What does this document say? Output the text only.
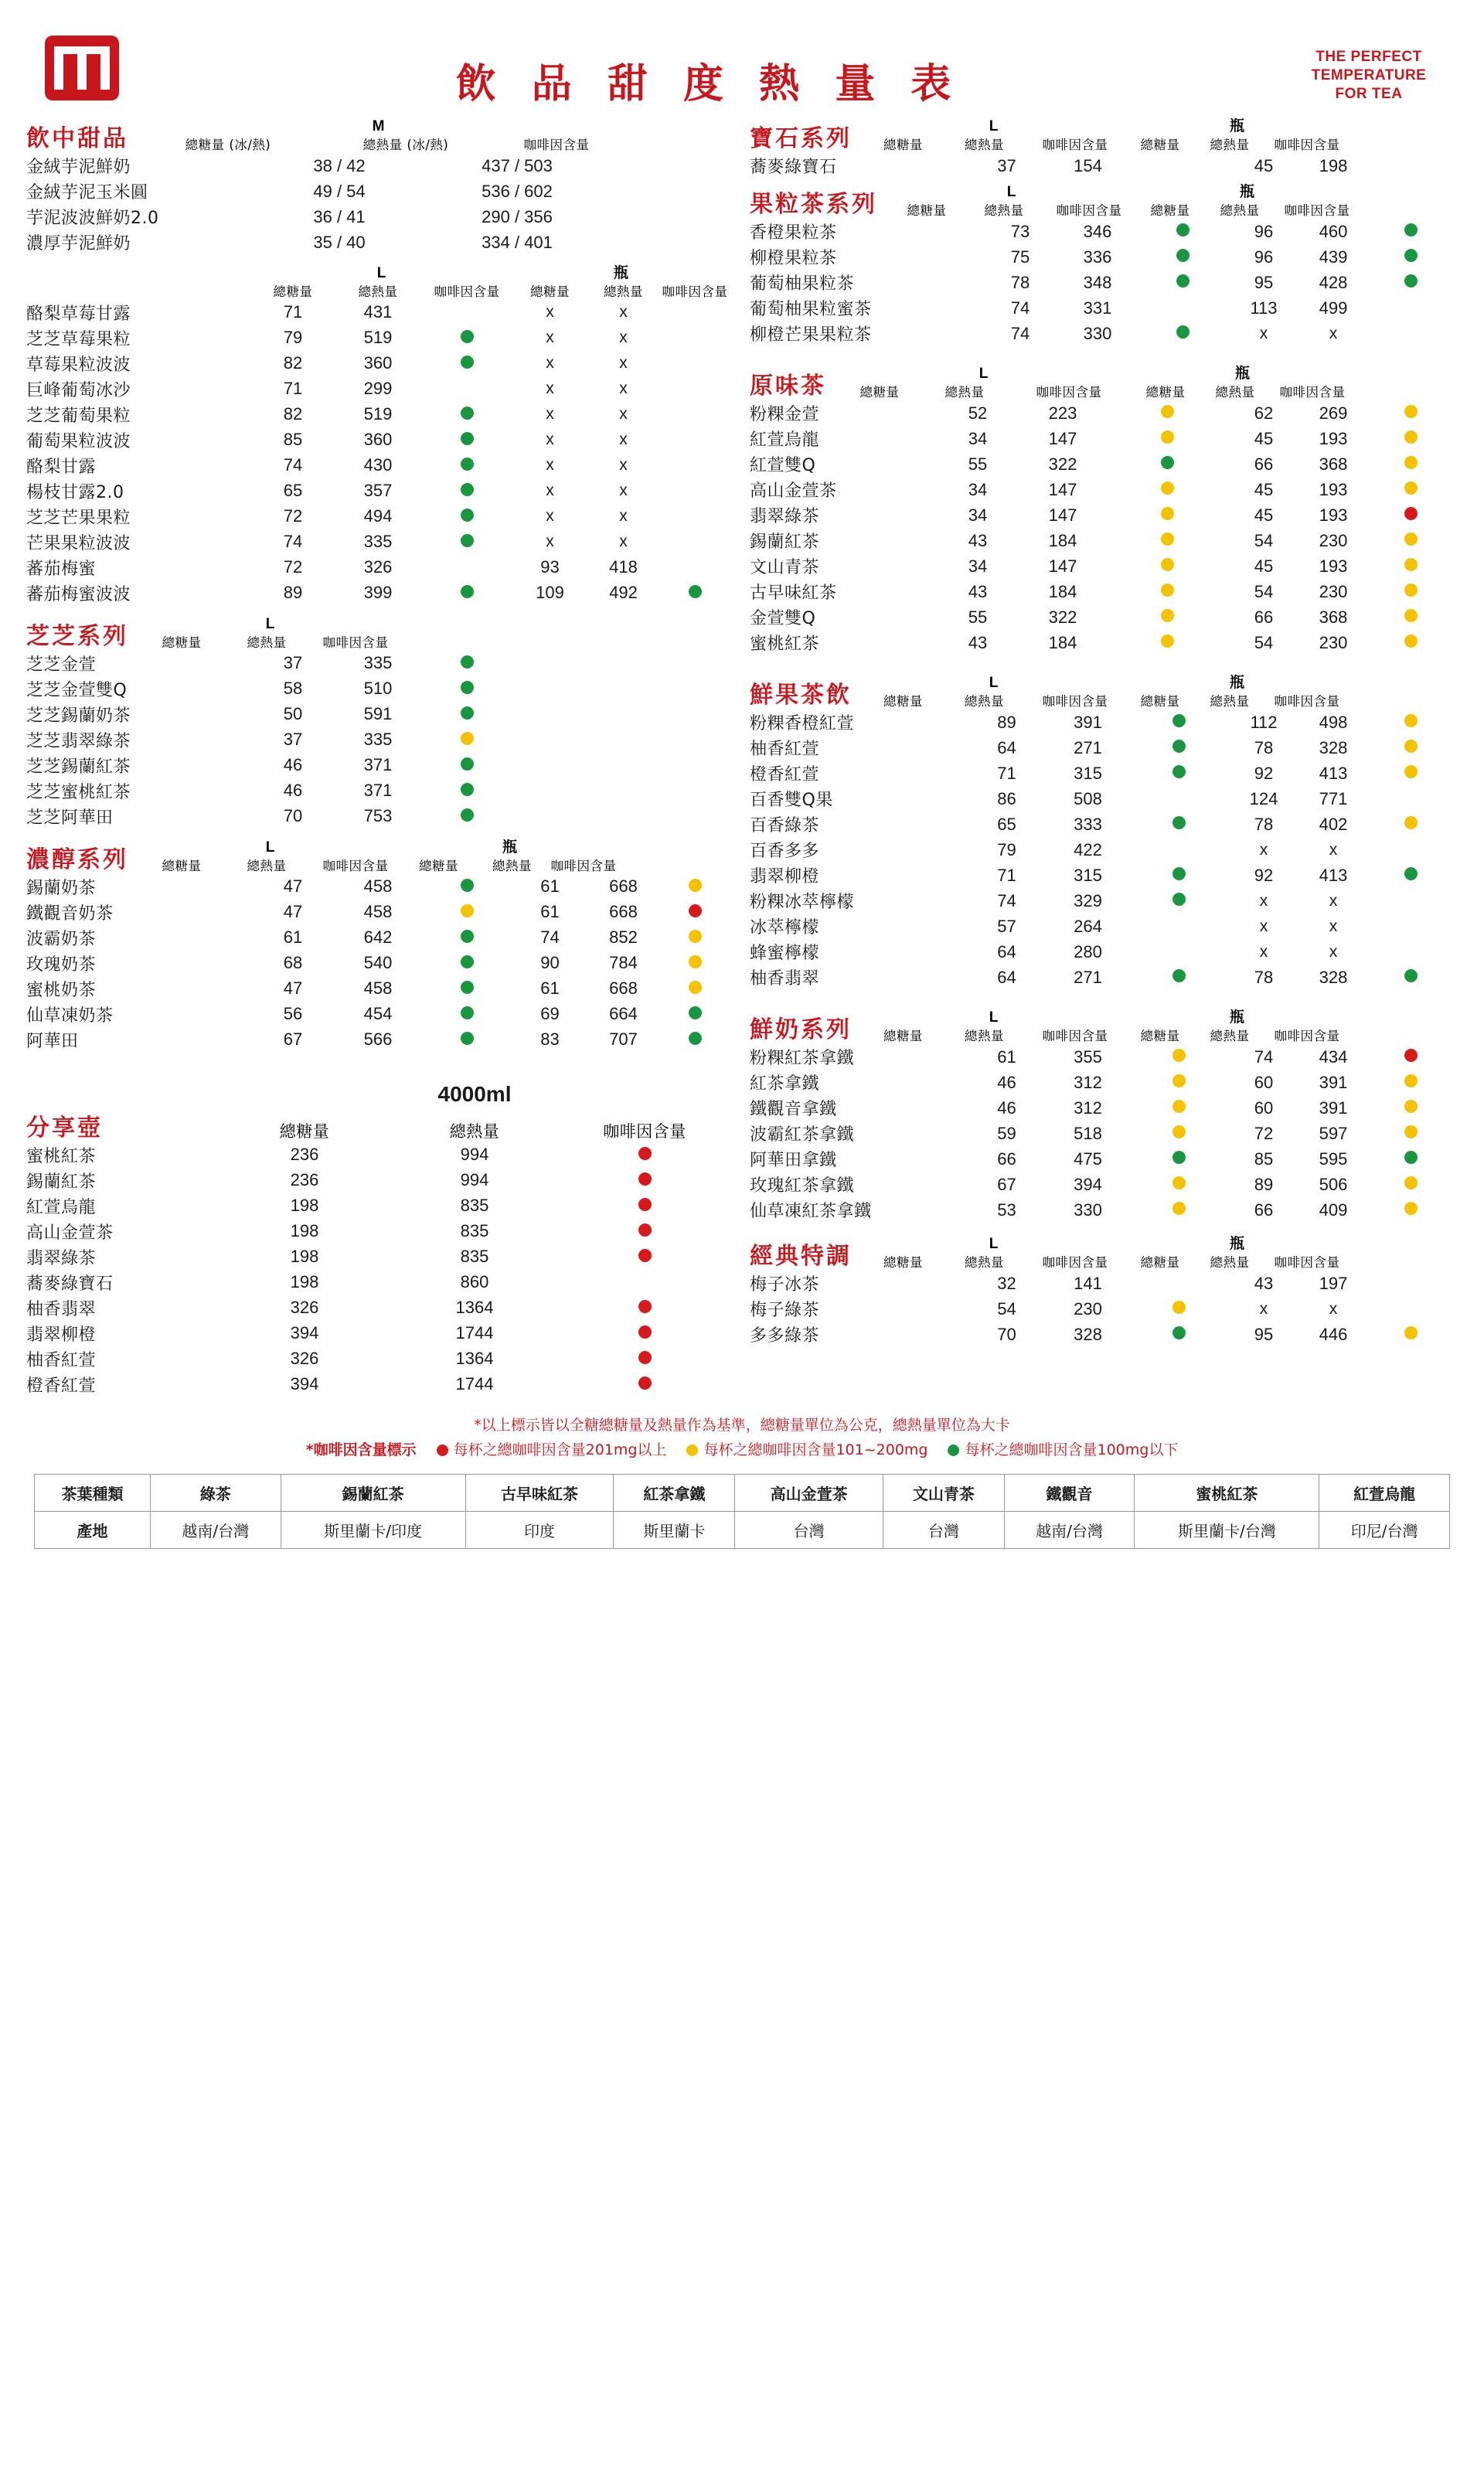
飲 品 甜 度 熱 量 表
THE PERFECT
TEMPERATURE
FOR TEA
飲中甜品	M
總糖量 (冰/熱)	總熱量 (冰/熱)	咖啡因含量
金絨芋泥鮮奶	38 / 42	437 / 503	
金絨芋泥玉米圓	49 / 54	536 / 602	
芋泥波波鮮奶2.0	36 / 41	290 / 356	
濃厚芋泥鮮奶	35 / 40	334 / 401	
L
總糖量	總熱量	咖啡因含量
瓶
總糖量	總熱量	咖啡因含量
酪梨草莓甘露	71	431		x	x	
芝芝草莓果粒	79	519		x	x	
草莓果粒波波	82	360		x	x	
巨峰葡萄冰沙	71	299		x	x	
芝芝葡萄果粒	82	519		x	x	
葡萄果粒波波	85	360		x	x	
酪梨甘露	74	430		x	x	
楊枝甘露2.0	65	357		x	x	
芝芝芒果果粒	72	494		x	x	
芒果果粒波波	74	335		x	x	
蕃茄梅蜜	72	326		93	418	
蕃茄梅蜜波波	89	399		109	492	
芝芝系列	L
總糖量	總熱量	咖啡因含量
芝芝金萱	37	335		
芝芝金萱雙Q	58	510		
芝芝錫蘭奶茶	50	591		
芝芝翡翠綠茶	37	335		
芝芝錫蘭紅茶	46	371		
芝芝蜜桃紅茶	46	371		
芝芝阿華田	70	753		
濃醇系列	L
總糖量	總熱量	咖啡因含量
瓶
總糖量	總熱量	咖啡因含量
錫蘭奶茶	47	458		61	668	
鐵觀音奶茶	47	458		61	668	
波霸奶茶	61	642		74	852	
玫瑰奶茶	68	540		90	784	
蜜桃奶茶	47	458		61	668	
仙草凍奶茶	56	454		69	664	
阿華田	67	566		83	707	
4000ml
分享壺	總糖量	總熱量	咖啡因含量
蜜桃紅茶	236	994	
錫蘭紅茶	236	994	
紅萱烏龍	198	835	
高山金萱茶	198	835	
翡翠綠茶	198	835	
蕎麥綠寶石	198	860	
柚香翡翠	326	1364	
翡翠柳橙	394	1744	
柚香紅萱	326	1364	
橙香紅萱	394	1744	
寶石系列	L
總糖量	總熱量	咖啡因含量
瓶
總糖量	總熱量	咖啡因含量
蕎麥綠寶石	37	154		45	198	
果粒茶系列	L
總糖量	總熱量	咖啡因含量
瓶
總糖量	總熱量	咖啡因含量
香橙果粒茶	73	346		96	460	
柳橙果粒茶	75	336		96	439	
葡萄柚果粒茶	78	348		95	428	
葡萄柚果粒蜜茶	74	331		113	499	
柳橙芒果果粒茶	74	330		x	x	
原味茶	L
總糖量	總熱量	咖啡因含量
瓶
總糖量	總熱量	咖啡因含量
粉粿金萱	52	223		62	269	
紅萱烏龍	34	147		45	193	
紅萱雙Q	55	322		66	368	
高山金萱茶	34	147		45	193	
翡翠綠茶	34	147		45	193	
錫蘭紅茶	43	184		54	230	
文山青茶	34	147		45	193	
古早味紅茶	43	184		54	230	
金萱雙Q	55	322		66	368	
蜜桃紅茶	43	184		54	230	
鮮果茶飲	L
總糖量	總熱量	咖啡因含量
瓶
總糖量	總熱量	咖啡因含量
粉粿香橙紅萱	89	391		112	498	
柚香紅萱	64	271		78	328	
橙香紅萱	71	315		92	413	
百香雙Q果	86	508		124	771	
百香綠茶	65	333		78	402	
百香多多	79	422		x	x	
翡翠柳橙	71	315		92	413	
粉粿冰萃檸檬	74	329		x	x	
冰萃檸檬	57	264		x	x	
蜂蜜檸檬	64	280		x	x	
柚香翡翠	64	271		78	328	
鮮奶系列	L
總糖量	總熱量	咖啡因含量
瓶
總糖量	總熱量	咖啡因含量
粉粿紅茶拿鐵	61	355		74	434	
紅茶拿鐵	46	312		60	391	
鐵觀音拿鐵	46	312		60	391	
波霸紅茶拿鐵	59	518		72	597	
阿華田拿鐵	66	475		85	595	
玫瑰紅茶拿鐵	67	394		89	506	
仙草凍紅茶拿鐵	53	330		66	409	
經典特調	L
總糖量	總熱量	咖啡因含量
瓶
總糖量	總熱量	咖啡因含量
梅子冰茶	32	141		43	197	
梅子綠茶	54	230		x	x	
多多綠茶	70	328		95	446	
*以上標示皆以全糖總糖量及熱量作為基準，總糖量單位為公克，總熱量單位為大卡
*咖啡因含量標示	每杯之總咖啡因含量201mg以上	每杯之總咖啡因含量101~200mg	每杯之總咖啡因含量100mg以下
茶葉種類	綠茶	錫蘭紅茶	古早味紅茶	紅茶拿鐵	高山金萱茶	文山青茶	鐵觀音	蜜桃紅茶	紅萱烏龍
產地	越南/台灣	斯里蘭卡/印度	印度	斯里蘭卡	台灣	台灣	越南/台灣	斯里蘭卡/台灣	印尼/台灣
